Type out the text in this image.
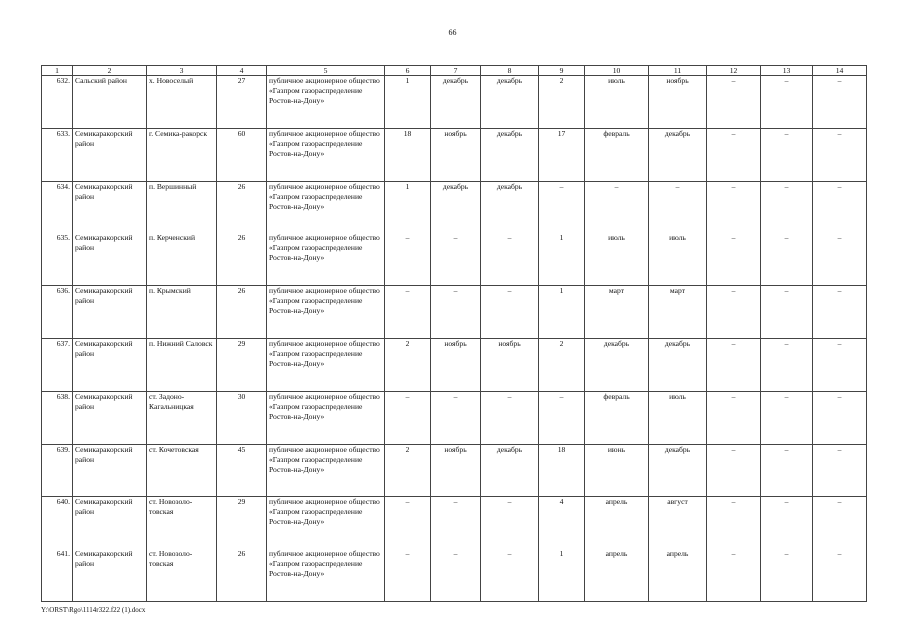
66
1	2	3	4	5	6	7	8	9	10	11	12	13	14
632.	Сальский район	х. Новоселый	27	публичное акционерное общество «Газпром газораспределение Ростов-на-Дону»	1	декабрь	декабрь	2	июль	ноябрь	–	–	–
633.	Семикаракорский район	г. Семика-ракорск	60	публичное акционерное общество «Газпром газораспределение Ростов-на-Дону»	18	ноябрь	декабрь	17	февраль	декабрь	–	–	–
634.	Семикаракорский район	п. Вершинный	26	публичное акционерное общество «Газпром газораспределение Ростов-на-Дону»	1	декабрь	декабрь	–	–	–	–	–	–
635.	Семикаракорский район	п. Керченский	26	публичное акционерное общество «Газпром газораспределение Ростов-на-Дону»	–	–	–	1	июль	июль	–	–	–
636.	Семикаракорский район	п. Крымский	26	публичное акционерное общество «Газпром газораспределение Ростов-на-Дону»	–	–	–	1	март	март	–	–	–
637.	Семикаракорский район	п. Нижний Саловск	29	публичное акционерное общество «Газпром газораспределение Ростов-на-Дону»	2	ноябрь	ноябрь	2	декабрь	декабрь	–	–	–
638.	Семикаракорский район	ст. Задоно-Кагальницкая	30	публичное акционерное общество «Газпром газораспределение Ростов-на-Дону»	–	–	–	–	февраль	июль	–	–	–
639.	Семикаракорский район	ст. Кочетовская	45	публичное акционерное общество «Газпром газораспределение Ростов-на-Дону»	2	ноябрь	декабрь	18	июнь	декабрь	–	–	–
640.	Семикаракорский район	ст. Новозоло-товская	29	публичное акционерное общество «Газпром газораспределение Ростов-на-Дону»	–	–	–	4	апрель	август	–	–	–
641.	Семикаракорский район	ст. Новозоло-товская	26	публичное акционерное общество «Газпром газораспределение Ростов-на-Дону»	–	–	–	1	апрель	апрель	–	–	–
Y:\ORST\Rgo\1114r322.f22 (1).docx
